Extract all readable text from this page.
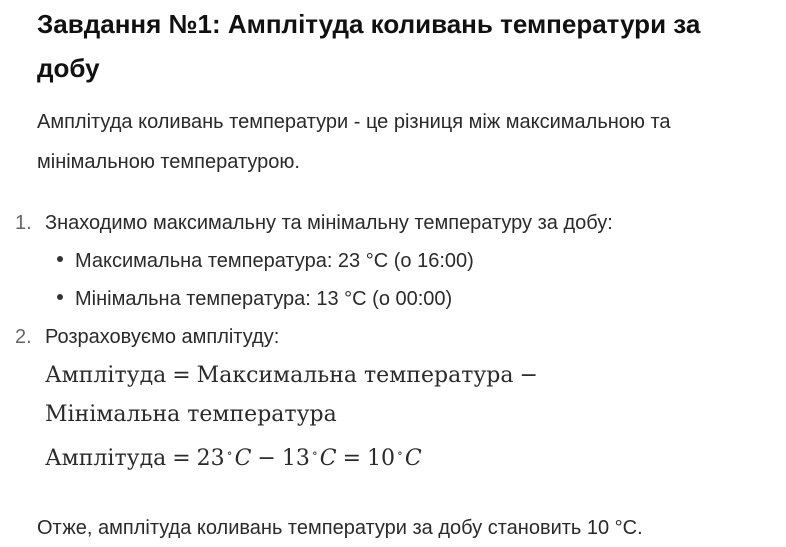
Завдання №1: Амплітуда коливань температури за добу

Амплітуда коливань температури - це різниця між максимальною та мінімальною температурою.

1. Знаходимо максимальну та мінімальну температуру за добу:
Максимальна температура: 23 °C (о 16:00)
Мінімальна температура: 13 °C (о 00:00)
2. Розраховуємо амплітуду:
Амплітуда = Максимальна температура −
Мінімальна температура
Амплітуда = 23 ∘C − 13 ∘C = 10 ∘C

Отже, амплітуда коливань температури за добу становить 10 °C.
